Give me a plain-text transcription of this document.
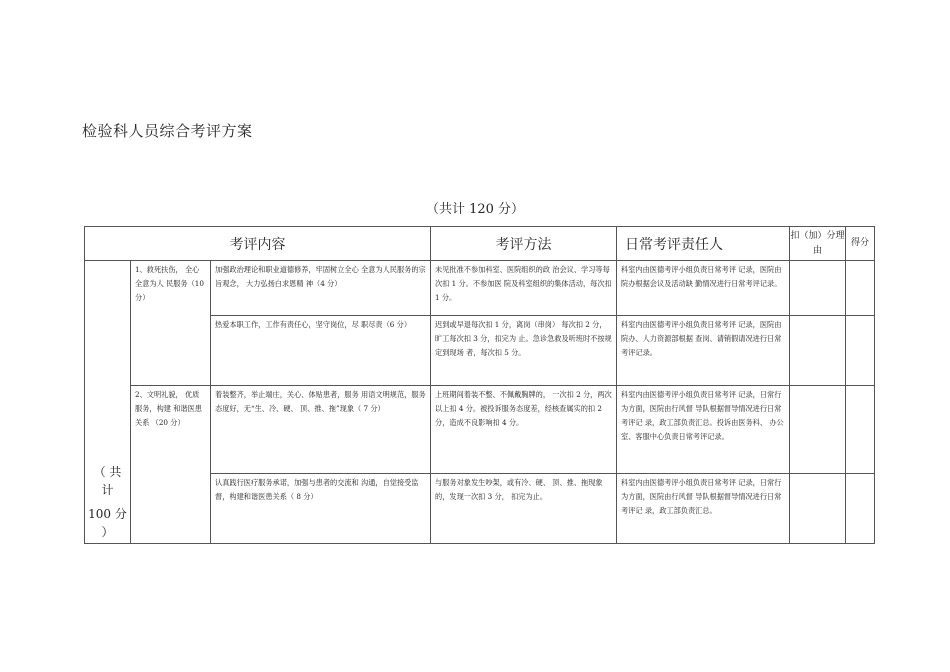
检验科人员综合考评方案
（共计 120 分）
考评内容			考评方法	日常考评责任人	扣（加）分理由	得分

（ 共
计
100 分
）	1、救死扶伤， 全心全意为人 民服务（10 分）	加强政治理论和职业道德修养，牢固树立全心 全意为人民服务的宗旨观念， 大力弘扬白求恩精 神（4 分）	未见批准不参加科室、医院组织的政 治会议、学习等每次扣 1 分。不参加医 院及科室组织的集体活动，每次扣 1 分。	科室内由医德考评小组负责日常考评 记录，医院由院办根据会议及活动缺 勤情况进行日常考评记录。		
		热爱本职工作，工作有责任心，坚守岗位，尽 职尽责（6 分）	迟到或早退每次扣 1 分，离岗（串岗） 每次扣 2 分，旷工每次扣 3 分，扣完为 止。急诊急救及听班时不按规定到现场 者，每次扣 5 分。	科室内由医德考评小组负责日常考评 记录，医院由院办、人力资源部根据 查岗、请销假请况进行日常考评记录。		
	2、文明礼貌， 优质服务，构建 和谐医患关系 （20 分）	着装整齐，举止端庄，关心、体贴患者，服务 用语文明规范，服务态度好，无“生、冷、硬、 顶、推、拖”现象（ 7 分）	上班期间着装不整、不佩戴胸牌的， 一次扣 2 分，两次以上扣 4 分。被投诉服务态度差，经核查属实的扣 2 分，造成不良影响扣 4 分。	科室内由医德考评小组负责日常考评 记录，日常行为方面，医院由行风督 导队根据督导情况进行日常考评记 录，政工部负责汇总。投诉由医务科、 办公室、客服中心负责日常考评记录。		
		认真践行医疗服务承诺，加强与患者的交流和 沟通，自觉接受监督，构建和谐医患关系（ 8 分）	与服务对象发生吵架，或有冷、硬、 顶、推、拖现象的，发现一次扣 3 分， 扣完为止。	科室内由医德考评小组负责日常考评 记录，日常行为方面，医院由行风督 导队根据督导情况进行日常考评记 录，政工部负责汇总。		
